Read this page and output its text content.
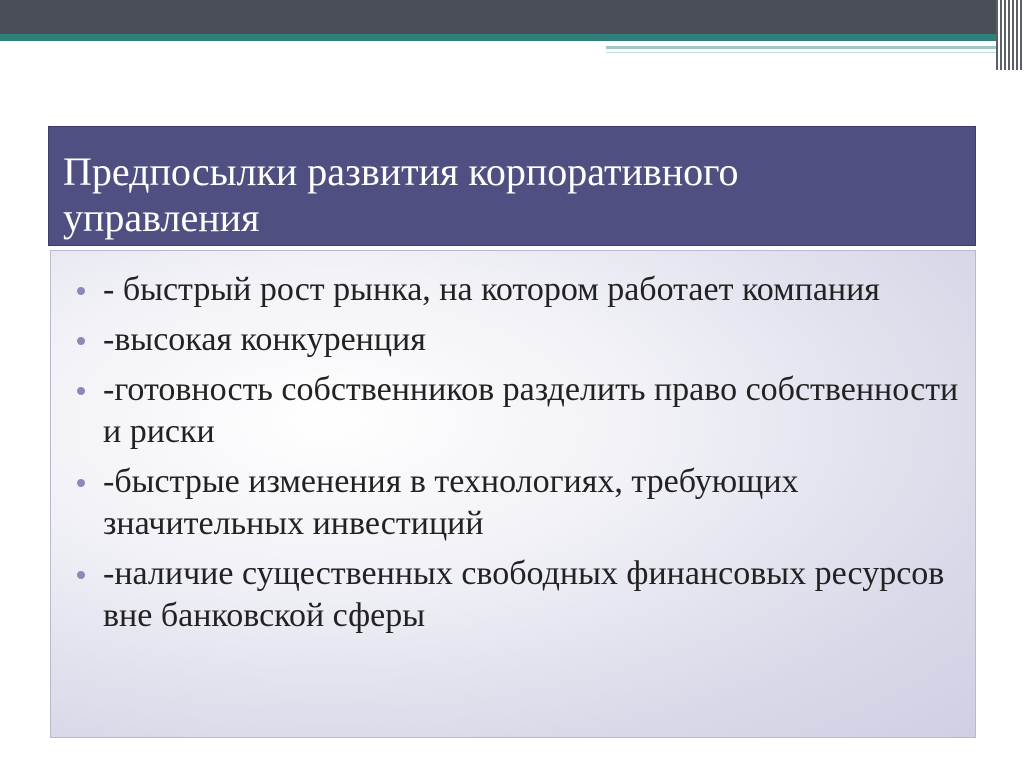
Предпосылки развития корпоративного управления
- быстрый рост рынка, на котором работает компания
-высокая конкуренция
-готовность собственников разделить право собственности и риски
-быстрые изменения в технологиях, требующих значительных инвестиций
-наличие существенных свободных финансовых ресурсов вне банковской сферы
